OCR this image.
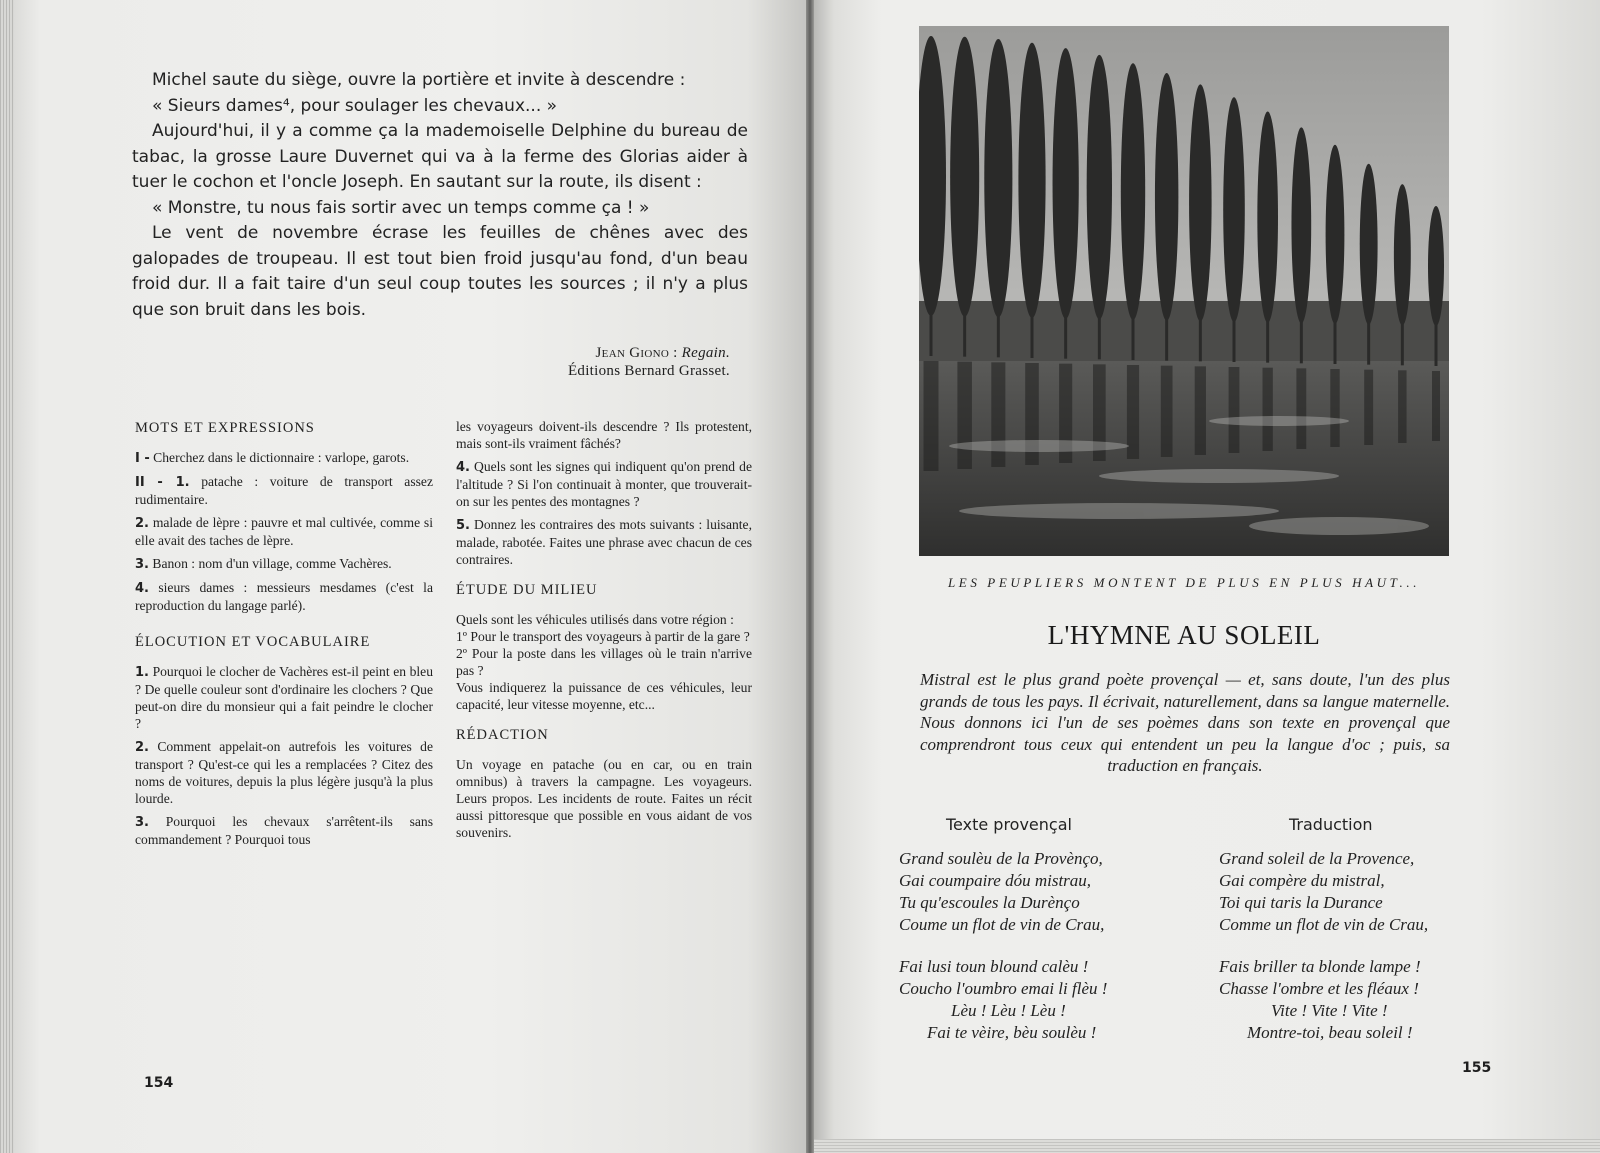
Michel saute du siège, ouvre la portière et invite à descendre :

« Sieurs dames⁴, pour soulager les chevaux... »

Aujourd'hui, il y a comme ça la mademoiselle Delphine du bureau de tabac, la grosse Laure Duvernet qui va à la ferme des Glorias aider à tuer le cochon et l'oncle Joseph. En sautant sur la route, ils disent :

« Monstre, tu nous fais sortir avec un temps comme ça ! »

Le vent de novembre écrase les feuilles de chênes avec des galopades de troupeau. Il est tout bien froid jusqu'au fond, d'un beau froid dur. Il a fait taire d'un seul coup toutes les sources ; il n'y a plus que son bruit dans les bois.

Jean Giono : Regain.
Éditions Bernard Grasset.
MOTS ET EXPRESSIONS

I - Cherchez dans le dictionnaire : varlope, garots.

II - 1. patache : voiture de transport assez rudimentaire.

2. malade de lèpre : pauvre et mal cultivée, comme si elle avait des taches de lèpre.

3. Banon : nom d'un village, comme Vachères.

4. sieurs dames : messieurs mesdames (c'est la reproduction du langage parlé).

ÉLOCUTION ET VOCABULAIRE

1. Pourquoi le clocher de Vachères est-il peint en bleu ? De quelle couleur sont d'ordinaire les clochers ? Que peut-on dire du monsieur qui a fait peindre le clocher ?

2. Comment appelait-on autrefois les voitures de transport ? Qu'est-ce qui les a remplacées ? Citez des noms de voitures, depuis la plus légère jusqu'à la plus lourde.

3. Pourquoi les chevaux s'arrêtent-ils sans commandement ? Pourquoi tous

les voyageurs doivent-ils descendre ? Ils protestent, mais sont-ils vraiment fâchés?

4. Quels sont les signes qui indiquent qu'on prend de l'altitude ? Si l'on continuait à monter, que trouverait-on sur les pentes des montagnes ?

5. Donnez les contraires des mots suivants : luisante, malade, rabotée. Faites une phrase avec chacun de ces contraires.

ÉTUDE DU MILIEU

Quels sont les véhicules utilisés dans votre région :

1º Pour le transport des voyageurs à partir de la gare ?

2º Pour la poste dans les villages où le train n'arrive pas ?

Vous indiquerez la puissance de ces véhicules, leur capacité, leur vitesse moyenne, etc...

RÉDACTION

Un voyage en patache (ou en car, ou en train omnibus) à travers la campagne. Les voyageurs. Leurs propos. Les incidents de route. Faites un récit aussi pittoresque que possible en vous aidant de vos souvenirs.

154
LES PEUPLIERS MONTENT DE PLUS EN PLUS HAUT...
L'HYMNE AU SOLEIL
Mistral est le plus grand poète provençal — et, sans doute, l'un des plus grands de tous les pays. Il écrivait, naturellement, dans sa langue maternelle. Nous donnons ici l'un de ses poèmes dans son texte en provençal que comprendront tous ceux qui entendent un peu la langue d'oc ; puis, sa traduction en français.
Texte provençal	Traduction
Grand soulèu de la Provènço,
Gai coumpaire dóu mistrau,
Tu qu'escoules la Durènço
Coume un flot de vin de Crau,
Fai lusi toun blound calèu !
Coucho l'oumbro emai li flèu !
Lèu ! Lèu ! Lèu !
Fai te vèire, bèu soulèu !
Grand soleil de la Provence,
Gai compère du mistral,
Toi qui taris la Durance
Comme un flot de vin de Crau,
Fais briller ta blonde lampe !
Chasse l'ombre et les fléaux !
Vite ! Vite ! Vite !
Montre-toi, beau soleil !
155
